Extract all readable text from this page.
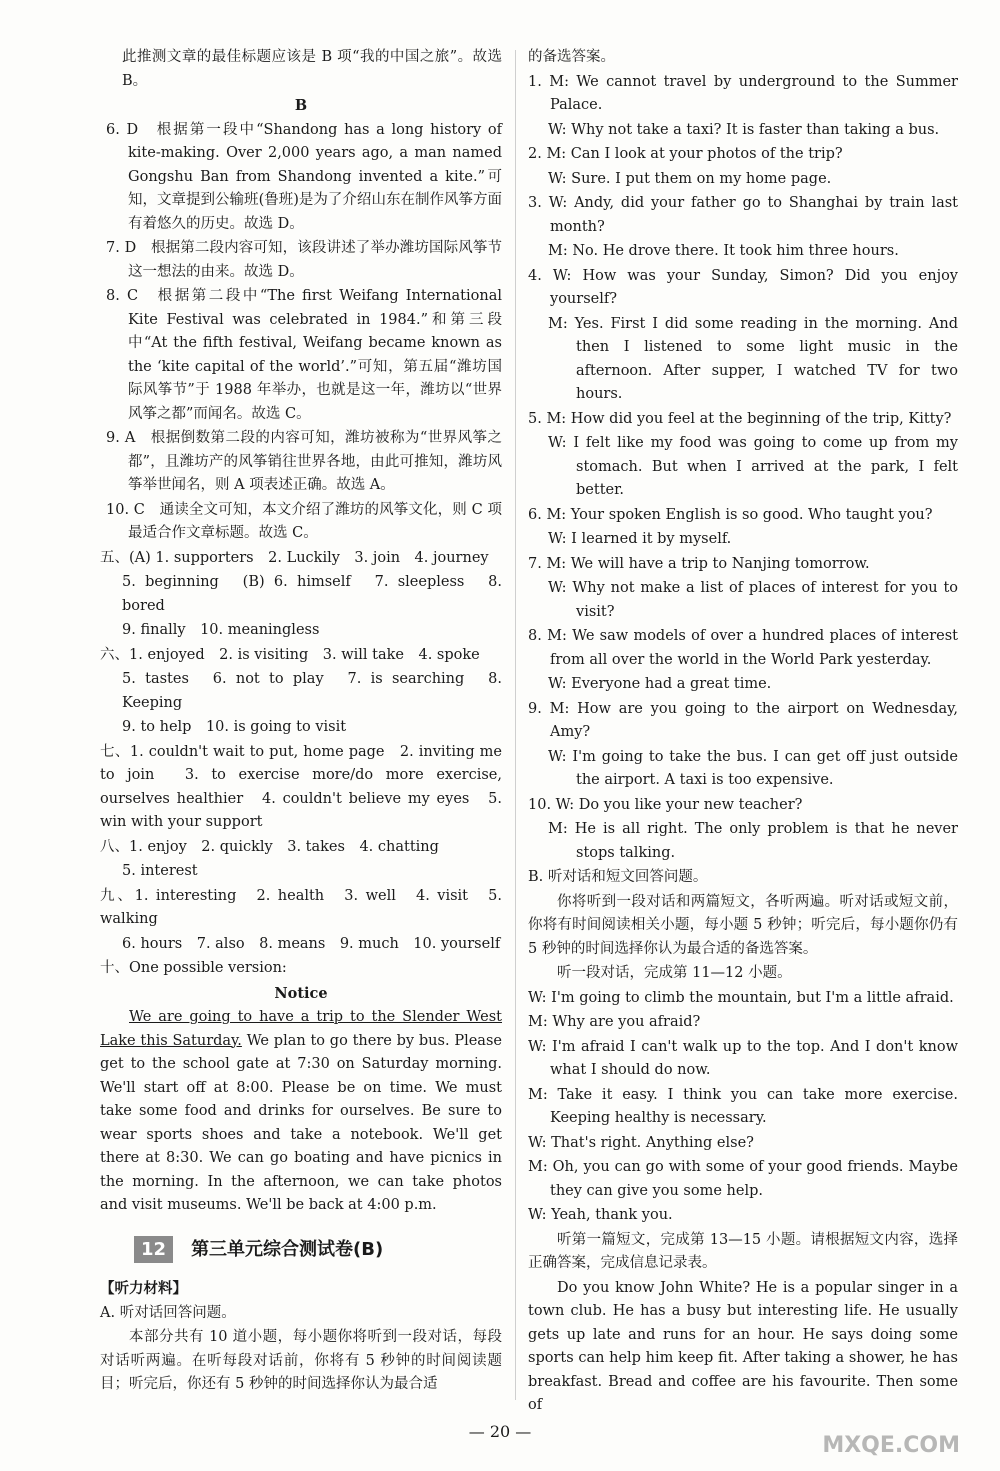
此推测文章的最佳标题应该是 B 项“我的中国之旅”。故选 B。

B

6. D　根据第一段中“Shandong has a long history of kite-making. Over 2,000 years ago, a man named Gongshu Ban from Shandong invented a kite.”可知，文章提到公输班(鲁班)是为了介绍山东在制作风筝方面有着悠久的历史。故选 D。

7. D　根据第二段内容可知，该段讲述了举办潍坊国际风筝节这一想法的由来。故选 D。

8. C　根据第二段中“The first Weifang International Kite Festival was celebrated in 1984.”和第三段中“At the fifth festival, Weifang became known as the ‘kite capital of the world’.”可知，第五届“潍坊国际风筝节”于 1988 年举办，也就是这一年，潍坊以“世界风筝之都”而闻名。故选 C。

9. A　根据倒数第二段的内容可知，潍坊被称为“世界风筝之都”，且潍坊产的风筝销往世界各地，由此可推知，潍坊风筝举世闻名，则 A 项表述正确。故选 A。

10. C　通读全文可知，本文介绍了潍坊的风筝文化，则 C 项最适合作文章标题。故选 C。

五、(A) 1. supporters　2. Luckily　3. join　4. journey

5. beginning　(B) 6. himself　7. sleepless　8. bored

9. finally　10. meaningless

六、1. enjoyed　2. is visiting　3. will take　4. spoke

5. tastes　6. not to play　7. is searching　8. Keeping

9. to help　10. is going to visit

七、1. couldn't wait to put, home page　2. inviting me to join　3. to exercise more/do more exercise, ourselves healthier　4. couldn't believe my eyes　5. win with your support

八、1. enjoy　2. quickly　3. takes　4. chatting

5. interest

九、1. interesting　2. health　3. well　4. visit　5. walking

6. hours　7. also　8. means　9. much　10. yourself

十、One possible version:

Notice

We are going to have a trip to the Slender West Lake this Saturday. We plan to go there by bus. Please get to the school gate at 7:30 on Saturday morning. We'll start off at 8:00. Please be on time. We must take some food and drinks for ourselves. Be sure to wear sports shoes and take a notebook. We'll get there at 8:30. We can go boating and have picnics in the morning. In the afternoon, we can take photos and visit museums. We'll be back at 4:00 p.m.

12	第三单元综合测试卷(B)

【听力材料】

A. 听对话回答问题。

本部分共有 10 道小题，每小题你将听到一段对话，每段对话听两遍。在听每段对话前，你将有 5 秒钟的时间阅读题目；听完后，你还有 5 秒钟的时间选择你认为最合适

的备选答案。

1. M: We cannot travel by underground to the Summer Palace.

W: Why not take a taxi? It is faster than taking a bus.

2. M: Can I look at your photos of the trip?

W: Sure. I put them on my home page.

3. W: Andy, did your father go to Shanghai by train last month?

M: No. He drove there. It took him three hours.

4. W: How was your Sunday, Simon? Did you enjoy yourself?

M: Yes. First I did some reading in the morning. And then I listened to some light music in the afternoon. After supper, I watched TV for two hours.

5. M: How did you feel at the beginning of the trip, Kitty?

W: I felt like my food was going to come up from my stomach. But when I arrived at the park, I felt better.

6. M: Your spoken English is so good. Who taught you?

W: I learned it by myself.

7. M: We will have a trip to Nanjing tomorrow.

W: Why not make a list of places of interest for you to visit?

8. M: We saw models of over a hundred places of interest from all over the world in the World Park yesterday.

W: Everyone had a great time.

9. M: How are you going to the airport on Wednesday, Amy?

W: I'm going to take the bus. I can get off just outside the airport. A taxi is too expensive.

10. W: Do you like your new teacher?

M: He is all right. The only problem is that he never stops talking.

B. 听对话和短文回答问题。

你将听到一段对话和两篇短文，各听两遍。听对话或短文前，你将有时间阅读相关小题，每小题 5 秒钟；听完后，每小题你仍有 5 秒钟的时间选择你认为最合适的备选答案。

听一段对话，完成第 11—12 小题。

W: I'm going to climb the mountain, but I'm a little afraid.

M: Why are you afraid?

W: I'm afraid I can't walk up to the top. And I don't know what I should do now.

M: Take it easy. I think you can take more exercise. Keeping healthy is necessary.

W: That's right. Anything else?

M: Oh, you can go with some of your good friends. Maybe they can give you some help.

W: Yeah, thank you.

听第一篇短文，完成第 13—15 小题。请根据短文内容，选择正确答案，完成信息记录表。

Do you know John White? He is a popular singer in a town club. He has a busy but interesting life. He usually gets up late and runs for an hour. He says doing some sports can help him keep fit. After taking a shower, he has breakfast. Bread and coffee are his favourite. Then some of

— 20 —
MXQE.COM
